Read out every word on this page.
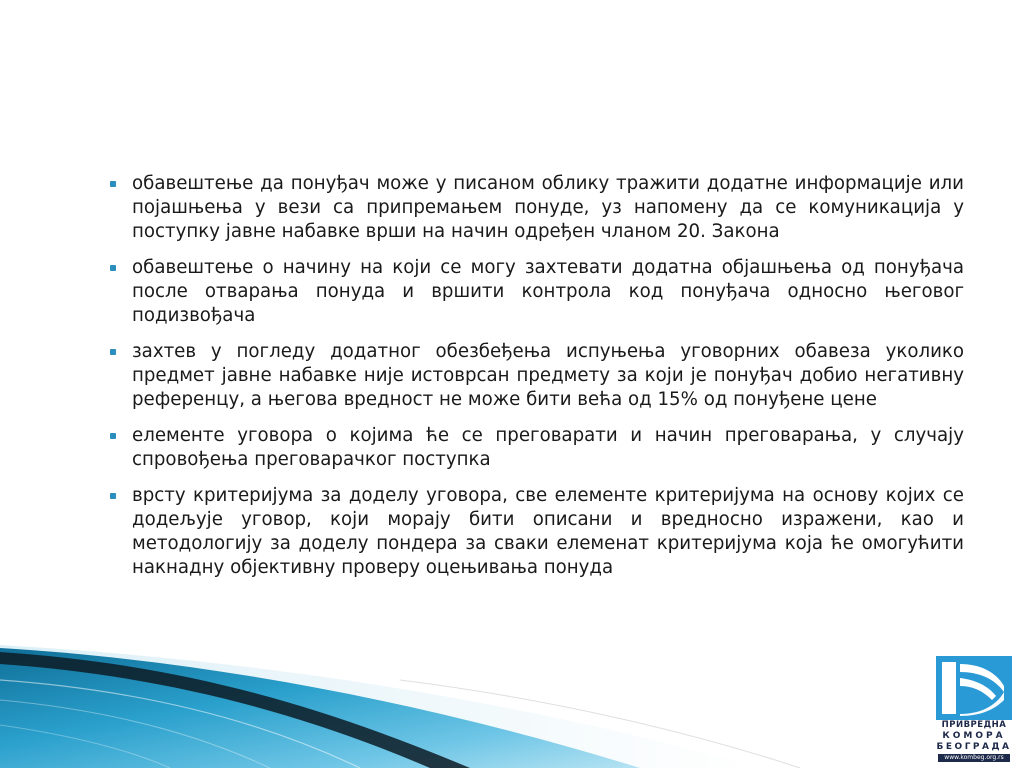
обавештење да понуђач може у писаном облику тражити додатне информације или појашњења у вези са припремањем понуде, уз напомену да се комуникација у поступку јавне набавке врши на начин одређен чланом 20. Закона
обавештење о начину на који се могу захтевати додатна објашњења од понуђача после отварања понуда и вршити контрола код понуђача односно његовог подизвођача
захтев у погледу додатног обезбеђења испуњења уговорних обавеза уколико предмет јавне набавке није истоврсан предмету за који је понуђач добио негативну референцу, а његова вредност не може бити већа од 15% од понуђене цене
елементе уговора о којима ће се преговарати и начин преговарања, у случају спровођења преговарачког поступка
врсту критеријума за доделу уговора, све елементе критеријума на основу којих се додељује уговор, који морају бити описани и вредносно изражени, као и методологију за доделу пондера за сваки елеменат критеријума која ће омогућити накнадну објективну проверу оцењивања понуда
ПРИВРЕДНА
КОМОРА
БЕОГРАДА
www.kombeg.org.rs
